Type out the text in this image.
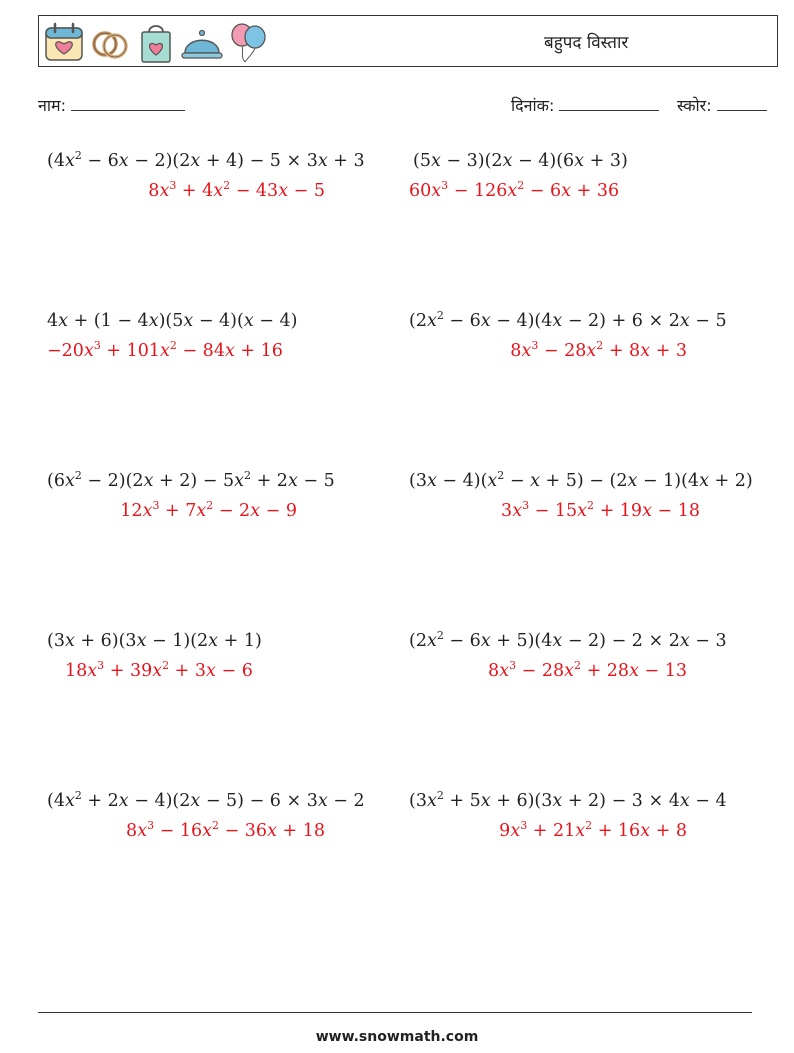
बहुपद विस्तार
नाम:	दिनांक:	स्कोर:
$(4x^2 - 6x - 2)(2x + 4) - 5 \times 3x + 3$
$8x^3 + 4x^2 - 43x - 5$
(5x − 3)(2x − 4)(6x + 3)
$60x^3 - 126x^2 - 6x + 36$
4x + (1 − 4x)(5x − 4)(x − 4)
$-20x^3 + 101x^2 - 84x + 16$
$(2x^2 - 6x - 4)(4x - 2) + 6 \times 2x - 5$
$8x^3 - 28x^2 + 8x + 3$
$(6x^2 - 2)(2x + 2) - 5x^2 + 2x - 5$
$12x^3 + 7x^2 - 2x - 9$
$(3x - 4)(x^2 - x + 5) - (2x - 1)(4x + 2)$
$3x^3 - 15x^2 + 19x - 18$
(3x + 6)(3x − 1)(2x + 1)
$18x^3 + 39x^2 + 3x - 6$
$(2x^2 - 6x + 5)(4x - 2) - 2 \times 2x - 3$
$8x^3 - 28x^2 + 28x - 13$
$(4x^2 + 2x - 4)(2x - 5) - 6 \times 3x - 2$
$8x^3 - 16x^2 - 36x + 18$
$(3x^2 + 5x + 6)(3x + 2) - 3 \times 4x - 4$
$9x^3 + 21x^2 + 16x + 8$
www.snowmath.com
